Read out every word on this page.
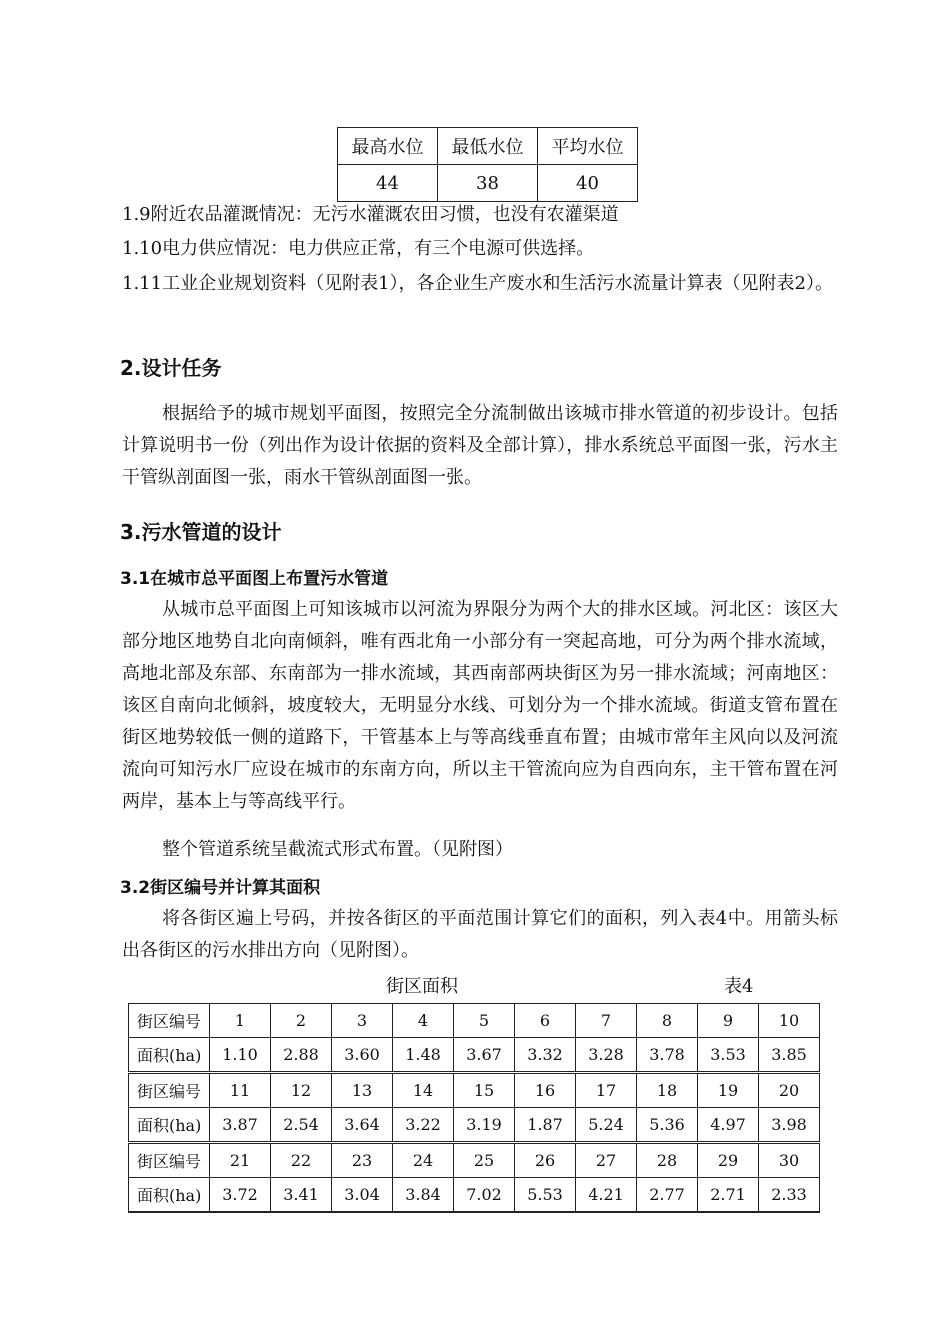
最高水位	最低水位	平均水位
44	38	40

1.9附近农品灌溉情况：无污水灌溉农田习惯，也没有农灌渠道

1.10电力供应情况：电力供应正常，有三个电源可供选择。

1.11工业企业规划资料（见附表1），各企业生产废水和生活污水流量计算表（见附表2）。

2.设计任务

根据给予的城市规划平面图，按照完全分流制做出该城市排水管道的初步设计。包括计算说明书一份（列出作为设计依据的资料及全部计算），排水系统总平面图一张，污水主干管纵剖面图一张，雨水干管纵剖面图一张。

3.污水管道的设计
3.1在城市总平面图上布置污水管道

从城市总平面图上可知该城市以河流为界限分为两个大的排水区域。河北区：该区大部分地区地势自北向南倾斜，唯有西北角一小部分有一突起高地，可分为两个排水流域，高地北部及东部、东南部为一排水流域，其西南部两块街区为另一排水流域；河南地区：该区自南向北倾斜，坡度较大，无明显分水线、可划分为一个排水流域。街道支管布置在街区地势较低一侧的道路下，干管基本上与等高线垂直布置；由城市常年主风向以及河流流向可知污水厂应设在城市的东南方向，所以主干管流向应为自西向东，主干管布置在河两岸，基本上与等高线平行。

整个管道系统呈截流式形式布置。（见附图）

3.2街区编号并计算其面积

将各街区遍上号码，并按各街区的平面范围计算它们的面积，列入表4中。用箭头标出各街区的污水排出方向（见附图）。

街区面积	表4
街区编号	1	2	3	4	5	6	7	8	9	10
面积(ha)	1.10	2.88	3.60	1.48	3.67	3.32	3.28	3.78	3.53	3.85
街区编号	11	12	13	14	15	16	17	18	19	20
面积(ha)	3.87	2.54	3.64	3.22	3.19	1.87	5.24	5.36	4.97	3.98
街区编号	21	22	23	24	25	26	27	28	29	30
面积(ha)	3.72	3.41	3.04	3.84	7.02	5.53	4.21	2.77	2.71	2.33
